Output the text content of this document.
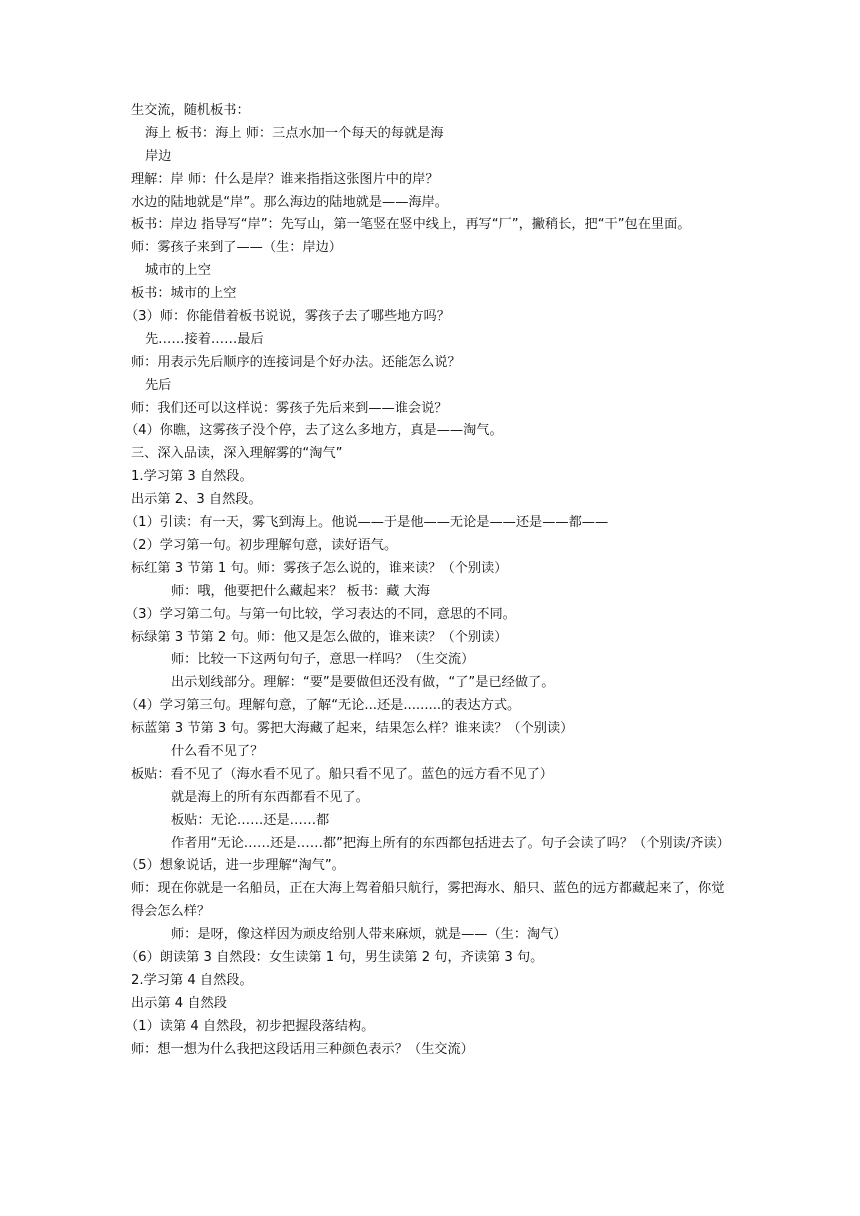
生交流，随机板书：
海上 板书：海上 师：三点水加一个每天的每就是海
岸边
理解：岸 师：什么是岸？谁来指指这张图片中的岸？
水边的陆地就是“岸”。那么海边的陆地就是——海岸。
板书：岸边 指导写“岸”：先写山，第一笔竖在竖中线上，再写“厂”，撇稍长，把“干”包在里面。
师：雾孩子来到了——（生：岸边）
城市的上空
板书：城市的上空
（3）师：你能借着板书说说，雾孩子去了哪些地方吗？
先……接着……最后
师：用表示先后顺序的连接词是个好办法。还能怎么说？
先后
师：我们还可以这样说：雾孩子先后来到——谁会说？
（4）你瞧，这雾孩子没个停，去了这么多地方，真是——淘气。
三、深入品读，深入理解雾的“淘气”
1.学习第 3 自然段。
出示第 2、3 自然段。
（1）引读：有一天，雾飞到海上。他说——于是他——无论是——还是——都——
（2）学习第一句。初步理解句意，读好语气。
标红第 3 节第 1 句。师：雾孩子怎么说的，谁来读？（个别读）
师：哦，他要把什么藏起来？ 板书：藏 大海
（3）学习第二句。与第一句比较，学习表达的不同，意思的不同。
标绿第 3 节第 2 句。师：他又是怎么做的，谁来读？（个别读）
师：比较一下这两句句子，意思一样吗？（生交流）
出示划线部分。理解：“要”是要做但还没有做，“了”是已经做了。
（4）学习第三句。理解句意，了解“无论...还是.........的表达方式。
标蓝第 3 节第 3 句。雾把大海藏了起来，结果怎么样？谁来读？（个别读）
什么看不见了？
板贴：看不见了（海水看不见了。船只看不见了。蓝色的远方看不见了）
就是海上的所有东西都看不见了。
板贴：无论……还是……都
作者用“无论……还是……都”把海上所有的东西都包括进去了。句子会读了吗？（个别读/齐读）
（5）想象说话，进一步理解“淘气”。
师：现在你就是一名船员，正在大海上驾着船只航行，雾把海水、船只、蓝色的远方都藏起来了，你觉得会怎么样？
师：是呀，像这样因为顽皮给别人带来麻烦，就是——（生：淘气）
（6）朗读第 3 自然段：女生读第 1 句，男生读第 2 句，齐读第 3 句。
2.学习第 4 自然段。
出示第 4 自然段
（1）读第 4 自然段，初步把握段落结构。
师：想一想为什么我把这段话用三种颜色表示？（生交流）
